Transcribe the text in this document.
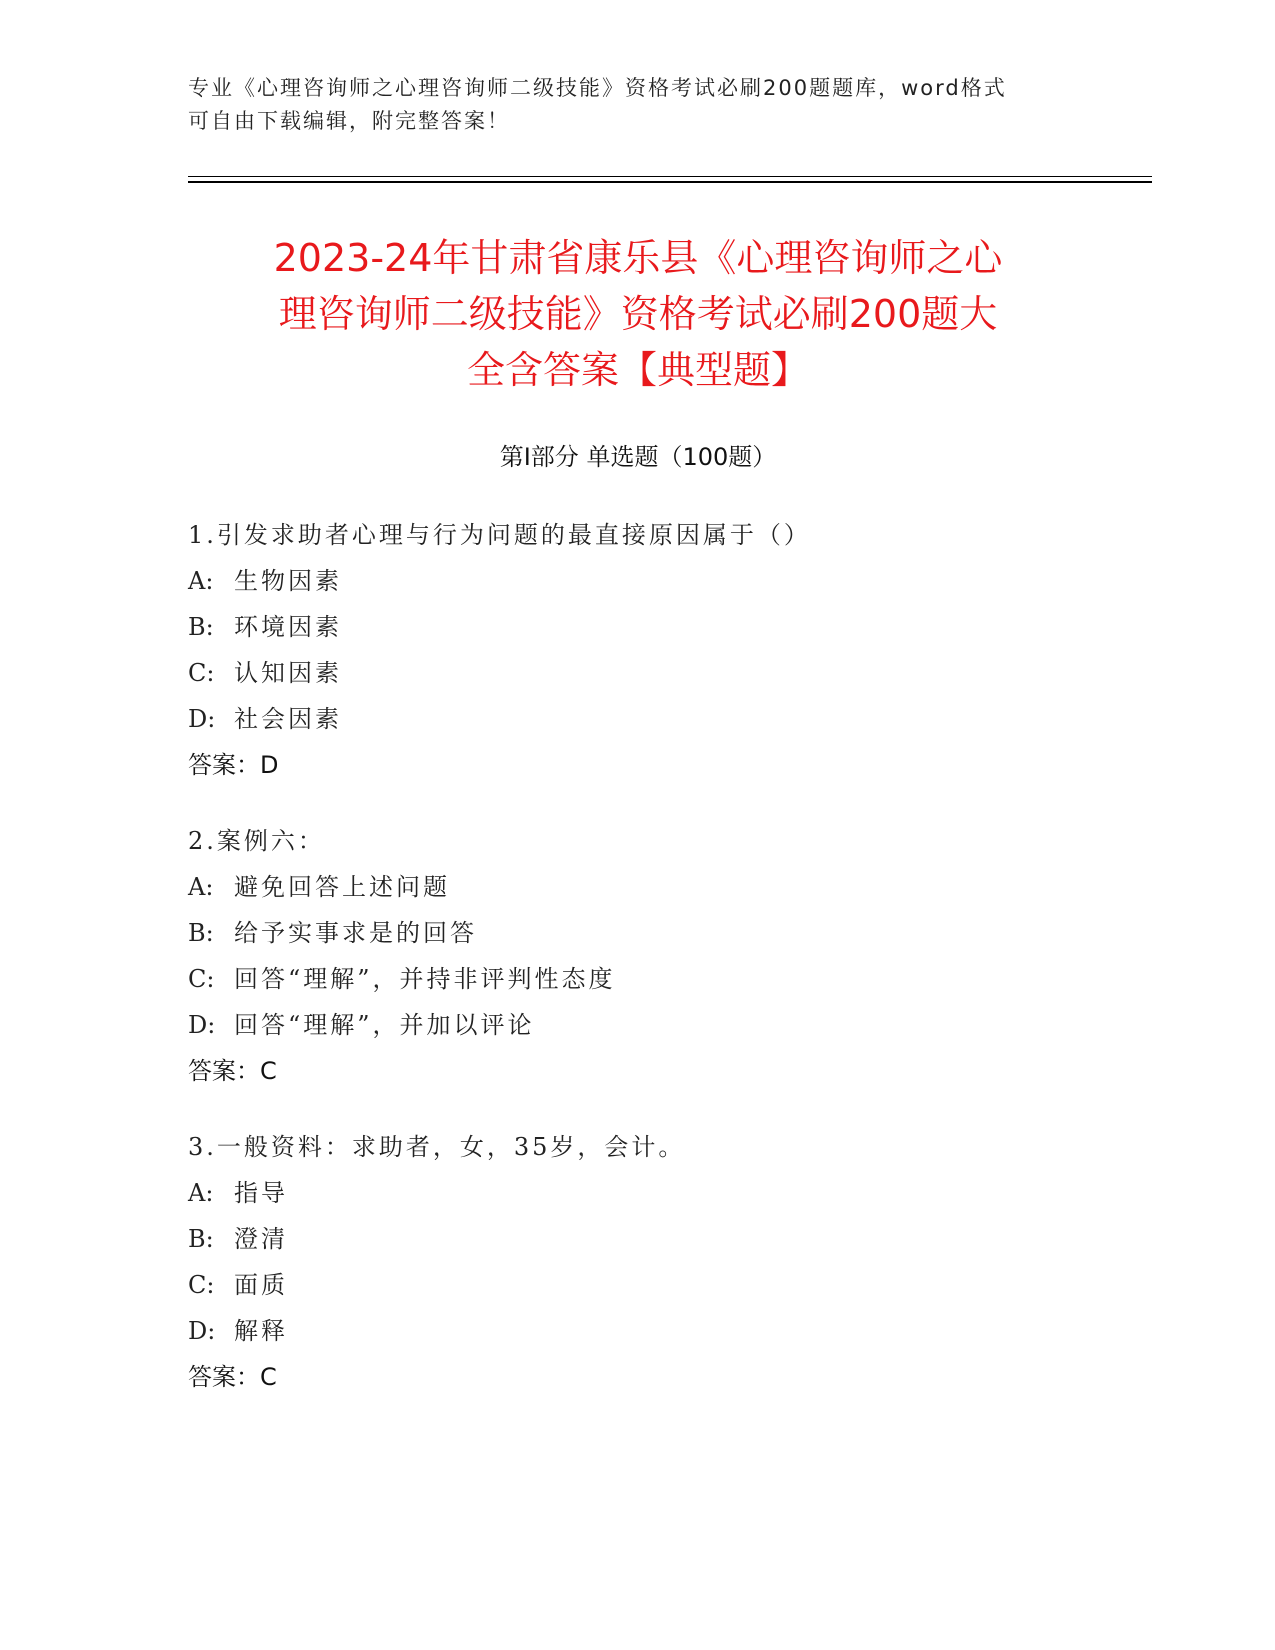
专业《心理咨询师之心理咨询师二级技能》资格考试必刷200题题库，word格式
可自由下载编辑，附完整答案！
2023-24年甘肃省康乐县《心理咨询师之心
理咨询师二级技能》资格考试必刷200题大
全含答案【典型题】
第Ⅰ部分 单选题（100题）
1.引发求助者心理与行为问题的最直接原因属于（）
A: 生物因素
B: 环境因素
C: 认知因素
D: 社会因素
答案：D
2.案例六：
A: 避免回答上述问题
B: 给予实事求是的回答
C: 回答“理解”，并持非评判性态度
D: 回答“理解”，并加以评论
答案：C
3.一般资料：求助者，女，35岁，会计。
A: 指导
B: 澄清
C: 面质
D: 解释
答案：C
